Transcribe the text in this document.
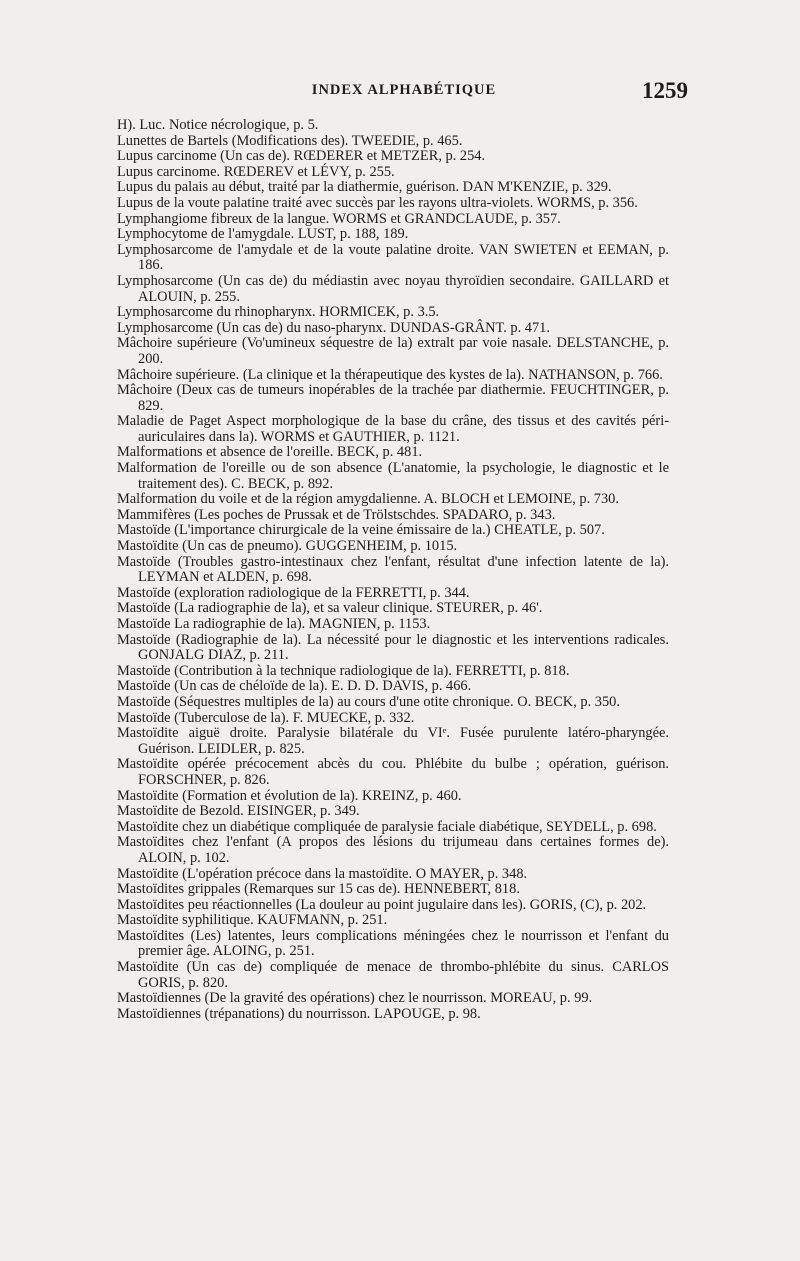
INDEX ALPHABÉTIQUE	1259
H). Luc. Notice nécrologique, p. 5.
Lunettes de Bartels (Modifications des). TWEEDIE, p. 465.
Lupus carcinome (Un cas de). RŒDERER et METZER, p. 254.
Lupus carcinome. RŒDEREV et LÉVY, p. 255.
Lupus du palais au début, traité par la diathermie, guérison. DAN M'KENZIE, p. 329.
Lupus de la voute palatine traité avec succès par les rayons ultra-violets. WORMS, p. 356.
Lymphangiome fibreux de la langue. WORMS et GRANDCLAUDE, p. 357.
Lymphocytome de l'amygdale. LUST, p. 188, 189.
Lymphosarcome de l'amydale et de la voute palatine droite. VAN SWIETEN et EEMAN, p. 186.
Lymphosarcome (Un cas de) du médiastin avec noyau thyroïdien secondaire. GAILLARD et ALOUIN, p. 255.
Lymphosarcome du rhinopharynx. HORMICEK, p. 3.5.
Lymphosarcome (Un cas de) du naso-pharynx. DUNDAS-GRÂNT. p. 471.
Mâchoire supérieure (Vo'umineux séquestre de la) extralt par voie nasale. DELSTANCHE, p. 200.
Mâchoire supérieure. (La clinique et la thérapeutique des kystes de la). NATHANSON, p. 766.
Mâchoire (Deux cas de tumeurs inopérables de la trachée par diathermie. FEUCHTINGER, p. 829.
Maladie de Paget Aspect morphologique de la base du crâne, des tissus et des cavités péri-auriculaires dans la). WORMS et GAUTHIER, p. 1121.
Malformations et absence de l'oreille. BECK, p. 481.
Malformation de l'oreille ou de son absence (L'anatomie, la psychologie, le diagnostic et le traitement des). C. BECK, p. 892.
Malformation du voile et de la région amygdalienne. A. BLOCH et LEMOINE, p. 730.
Mammifères (Les poches de Prussak et de Trölstschdes. SPADARO, p. 343.
Mastoïde (L'importance chirurgicale de la veine émissaire de la.) CHEATLE, p. 507.
Mastoïdite (Un cas de pneumo). GUGGENHEIM, p. 1015.
Mastoïde (Troubles gastro-intestinaux chez l'enfant, résultat d'une infection latente de la). LEYMAN et ALDEN, p. 698.
Mastoïde (exploration radiologique de la FERRETTI, p. 344.
Mastoïde (La radiographie de la), et sa valeur clinique. STEURER, p. 46'.
Mastoïde La radiographie de la). MAGNIEN, p. 1153.
Mastoïde (Radiographie de la). La nécessité pour le diagnostic et les interventions radicales. GONJALG DIAZ, p. 211.
Mastoïde (Contribution à la technique radiologique de la). FERRETTI, p. 818.
Mastoïde (Un cas de chéloïde de la). E. D. D. DAVIS, p. 466.
Mastoïde (Séquestres multiples de la) au cours d'une otite chronique. O. BECK, p. 350.
Mastoïde (Tuberculose de la). F. MUECKE, p. 332.
Mastoïdite aiguë droite. Paralysie bilatérale du VIᵉ. Fusée purulente latéro-pharyngée. Guérison. LEIDLER, p. 825.
Mastoïdite opérée précocement abcès du cou. Phlébite du bulbe ; opération, guérison. FORSCHNER, p. 826.
Mastoïdite (Formation et évolution de la). KREINZ, p. 460.
Mastoïdite de Bezold. EISINGER, p. 349.
Mastoïdite chez un diabétique compliquée de paralysie faciale diabétique, SEYDELL, p. 698.
Mastoïdites chez l'enfant (A propos des lésions du trijumeau dans certaines formes de). ALOIN, p. 102.
Mastoïdite (L'opération précoce dans la mastoïdite. O MAYER, p. 348.
Mastoïdites grippales (Remarques sur 15 cas de). HENNEBERT, 818.
Mastoïdites peu réactionnelles (La douleur au point jugulaire dans les). GORIS, (C), p. 202.
Mastoïdite syphilitique. KAUFMANN, p. 251.
Mastoïdites (Les) latentes, leurs complications méningées chez le nourrisson et l'enfant du premier âge. ALOING, p. 251.
Mastoïdite (Un cas de) compliquée de menace de thrombo-phlébite du sinus. CARLOS GORIS, p. 820.
Mastoïdiennes (De la gravité des opérations) chez le nourrisson. MOREAU, p. 99.
Mastoïdiennes (trépanations) du nourrisson. LAPOUGE, p. 98.
